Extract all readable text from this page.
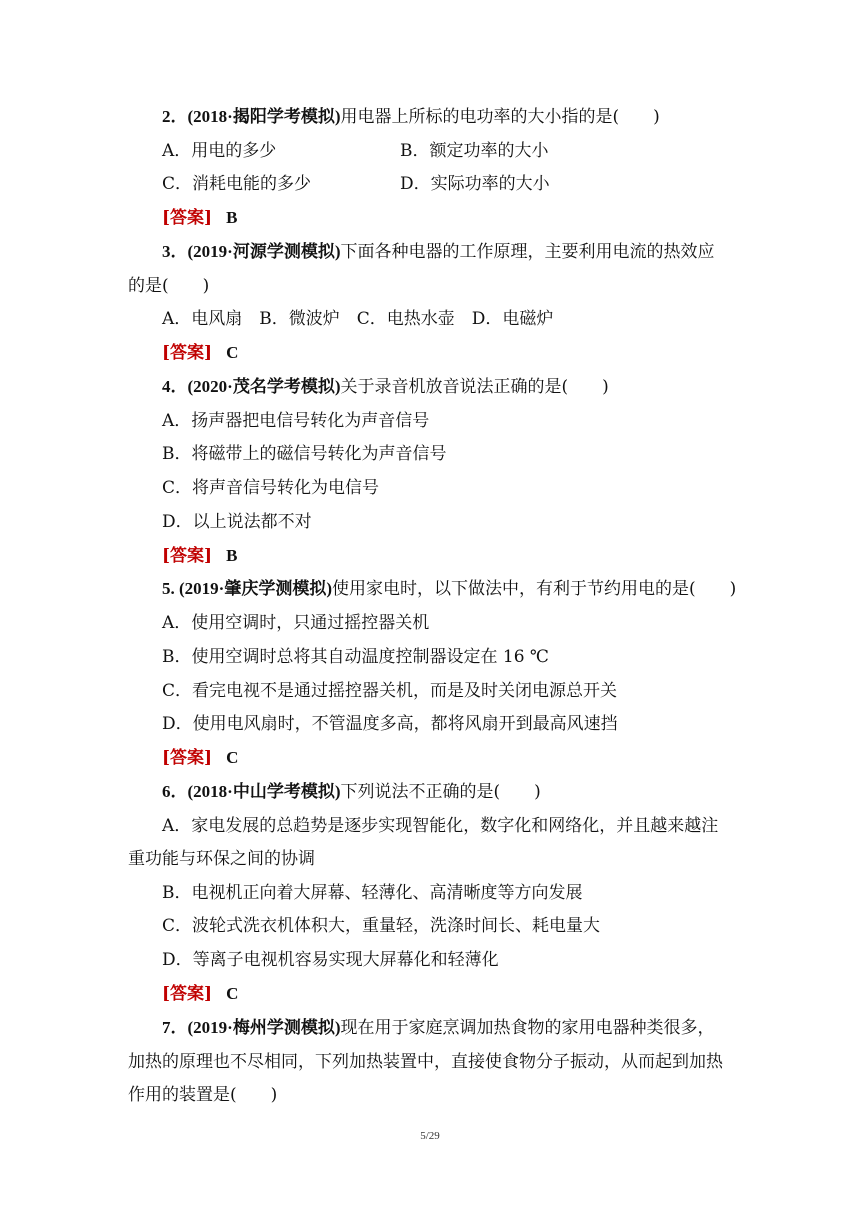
2．(2018·揭阳学考模拟)用电器上所标的电功率的大小指的是(　　)
A．用电的多少	B．额定功率的大小
C．消耗电能的多少	D．实际功率的大小
[答案] B
3．(2019·河源学测模拟)下面各种电器的工作原理，主要利用电流的热效应
的是(　　)
A．电风扇　B．微波炉　C．电热水壶　D．电磁炉
[答案] C
4．(2020·茂名学考模拟)关于录音机放音说法正确的是(　　)
A．扬声器把电信号转化为声音信号
B．将磁带上的磁信号转化为声音信号
C．将声音信号转化为电信号
D．以上说法都不对
[答案] B
5. (2019·肇庆学测模拟)使用家电时，以下做法中，有利于节约用电的是(　　)
A．使用空调时，只通过摇控器关机
B．使用空调时总将其自动温度控制器设定在 16 ℃
C．看完电视不是通过摇控器关机，而是及时关闭电源总开关
D．使用电风扇时，不管温度多高，都将风扇开到最高风速挡
[答案] C
6．(2018·中山学考模拟)下列说法不正确的是(　　)
A．家电发展的总趋势是逐步实现智能化，数字化和网络化，并且越来越注
重功能与环保之间的协调
B．电视机正向着大屏幕、轻薄化、高清晰度等方向发展
C．波轮式洗衣机体积大，重量轻，洗涤时间长、耗电量大
D．等离子电视机容易实现大屏幕化和轻薄化
[答案] C
7．(2019·梅州学测模拟)现在用于家庭烹调加热食物的家用电器种类很多，
加热的原理也不尽相同，下列加热装置中，直接使食物分子振动，从而起到加热
作用的装置是(　　)
5/29
